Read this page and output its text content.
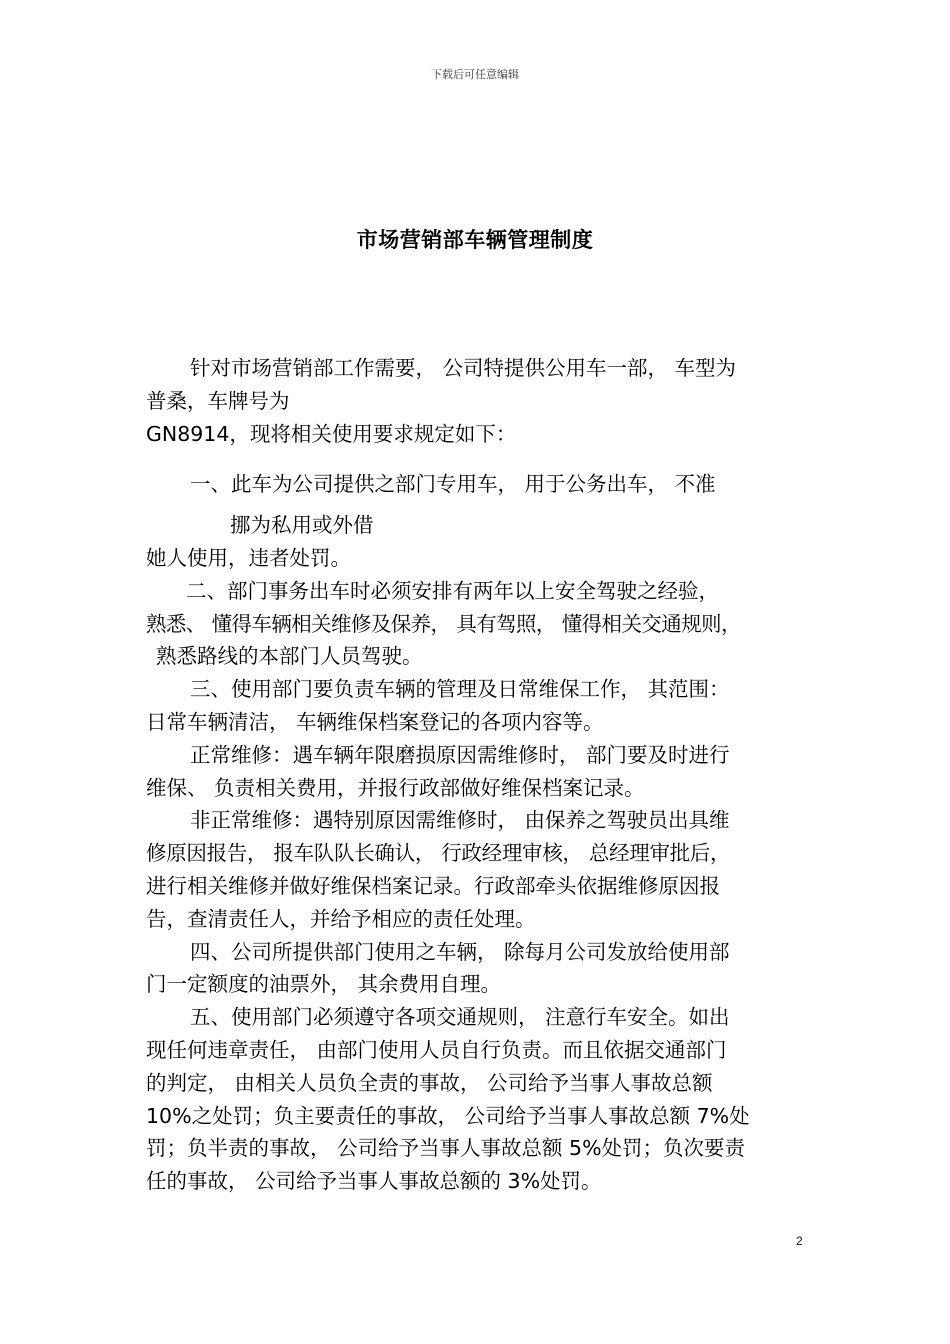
下载后可任意编辑
市场营销部车辆管理制度
针对市场营销部工作需要， 公司特提供公用车一部， 车型为
普桑，车牌号为
GN8914，现将相关使用要求规定如下：
一、此车为公司提供之部门专用车， 用于公务出车， 不准
挪为私用或外借
她人使用，违者处罚。
二、部门事务出车时必须安排有两年以上安全驾驶之经验，
熟悉、 懂得车辆相关维修及保养， 具有驾照， 懂得相关交通规则，
熟悉路线的本部门人员驾驶。
三、使用部门要负责车辆的管理及日常维保工作， 其范围：
日常车辆清洁， 车辆维保档案登记的各项内容等。
正常维修：遇车辆年限磨损原因需维修时， 部门要及时进行
维保、 负责相关费用，并报行政部做好维保档案记录。
非正常维修：遇特别原因需维修时， 由保养之驾驶员出具维
修原因报告， 报车队队长确认， 行政经理审核， 总经理审批后，
进行相关维修并做好维保档案记录。行政部牵头依据维修原因报
告，查清责任人，并给予相应的责任处理。
四、公司所提供部门使用之车辆， 除每月公司发放给使用部
门一定额度的油票外， 其余费用自理。
五、使用部门必须遵守各项交通规则， 注意行车安全。如出
现任何违章责任， 由部门使用人员自行负责。而且依据交通部门
的判定， 由相关人员负全责的事故， 公司给予当事人事故总额
10%之处罚；负主要责任的事故， 公司给予当事人事故总额 7%处
罚；负半责的事故， 公司给予当事人事故总额 5%处罚；负次要责
任的事故， 公司给予当事人事故总额的 3%处罚。
2
